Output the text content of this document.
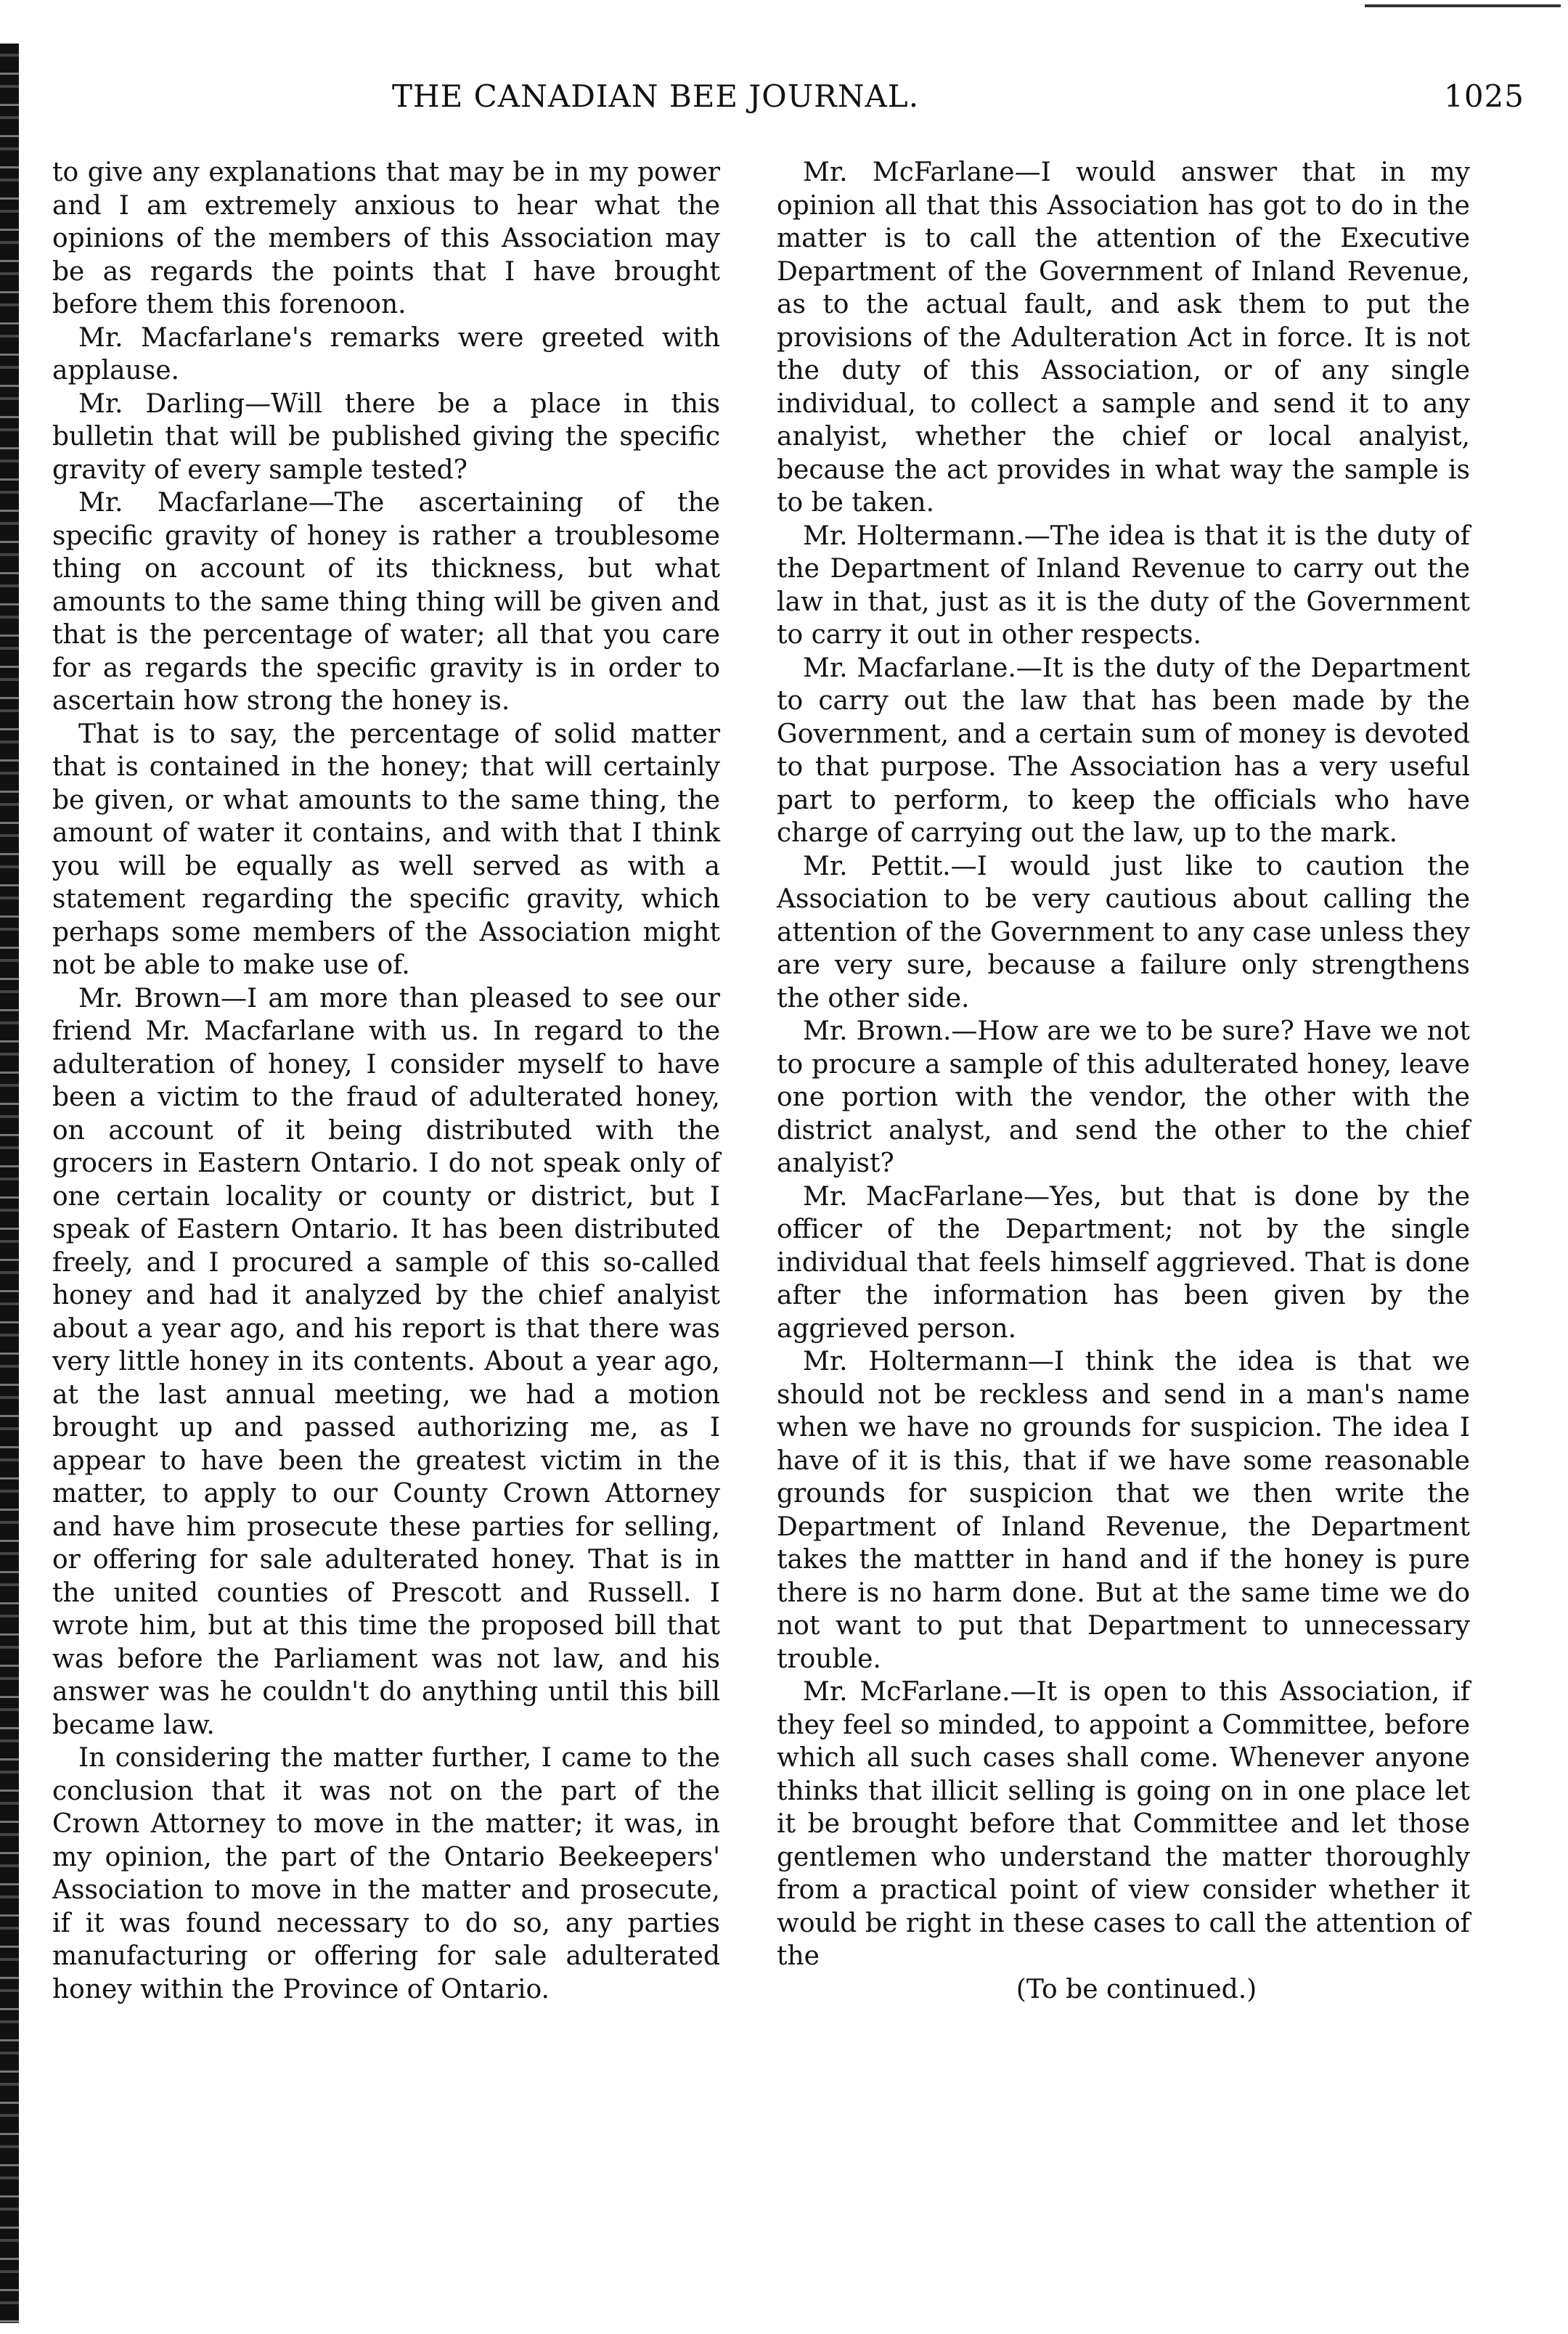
THE CANADIAN BEE JOURNAL.	1025

to give any explanations that may be in my power and I am extremely anxious to hear what the opinions of the members of this Association may be as regards the points that I have brought before them this forenoon.

Mr. Macfarlane's remarks were greeted with applause.

Mr. Darling—Will there be a place in this bulletin that will be published giving the specific gravity of every sample tested?

Mr. Macfarlane—The ascertaining of the specific gravity of honey is rather a troublesome thing on account of its thickness, but what amounts to the same thing thing will be given and that is the percentage of water; all that you care for as regards the specific gravity is in order to ascertain how strong the honey is.

That is to say, the percentage of solid matter that is contained in the honey; that will certainly be given, or what amounts to the same thing, the amount of water it contains, and with that I think you will be equally as well served as with a statement regarding the specific gravity, which perhaps some members of the Association might not be able to make use of.

Mr. Brown—I am more than pleased to see our friend Mr. Macfarlane with us. In regard to the adulteration of honey, I consider myself to have been a victim to the fraud of adulterated honey, on account of it being distributed with the grocers in Eastern Ontario. I do not speak only of one certain locality or county or district, but I speak of Eastern Ontario. It has been distributed freely, and I procured a sample of this so-called honey and had it analyzed by the chief analyist about a year ago, and his report is that there was very little honey in its contents. About a year ago, at the last annual meeting, we had a motion brought up and passed authorizing me, as I appear to have been the greatest victim in the matter, to apply to our County Crown Attorney and have him prosecute these parties for selling, or offering for sale adulterated honey. That is in the united counties of Prescott and Russell. I wrote him, but at this time the proposed bill that was before the Parliament was not law, and his answer was he couldn't do anything until this bill became law.

In considering the matter further, I came to the conclusion that it was not on the part of the Crown Attorney to move in the matter; it was, in my opinion, the part of the Ontario Beekeepers' Association to move in the matter and prosecute, if it was found necessary to do so, any parties manufacturing or offering for sale adulterated honey within the Province of Ontario.

Mr. McFarlane—I would answer that in my opinion all that this Association has got to do in the matter is to call the attention of the Executive Department of the Government of Inland Revenue, as to the actual fault, and ask them to put the provisions of the Adulteration Act in force. It is not the duty of this Association, or of any single individual, to collect a sample and send it to any analyist, whether the chief or local analyist, because the act provides in what way the sample is to be taken.

Mr. Holtermann.—The idea is that it is the duty of the Department of Inland Revenue to carry out the law in that, just as it is the duty of the Government to carry it out in other respects.

Mr. Macfarlane.—It is the duty of the Department to carry out the law that has been made by the Government, and a certain sum of money is devoted to that purpose. The Association has a very useful part to perform, to keep the officials who have charge of carrying out the law, up to the mark.

Mr. Pettit.—I would just like to caution the Association to be very cautious about calling the attention of the Government to any case unless they are very sure, because a failure only strengthens the other side.

Mr. Brown.—How are we to be sure? Have we not to procure a sample of this adulterated honey, leave one portion with the vendor, the other with the district analyst, and send the other to the chief analyist?

Mr. MacFarlane—Yes, but that is done by the officer of the Department; not by the single individual that feels himself aggrieved. That is done after the information has been given by the aggrieved person.

Mr. Holtermann—I think the idea is that we should not be reckless and send in a man's name when we have no grounds for suspicion. The idea I have of it is this, that if we have some reasonable grounds for suspicion that we then write the Department of Inland Revenue, the Department takes the mattter in hand and if the honey is pure there is no harm done. But at the same time we do not want to put that Department to unnecessary trouble.

Mr. McFarlane.—It is open to this Association, if they feel so minded, to appoint a Committee, before which all such cases shall come. Whenever anyone thinks that illicit selling is going on in one place let it be brought before that Committee and let those gentlemen who understand the matter thoroughly from a practical point of view consider whether it would be right in these cases to call the attention of the

(To be continued.)
